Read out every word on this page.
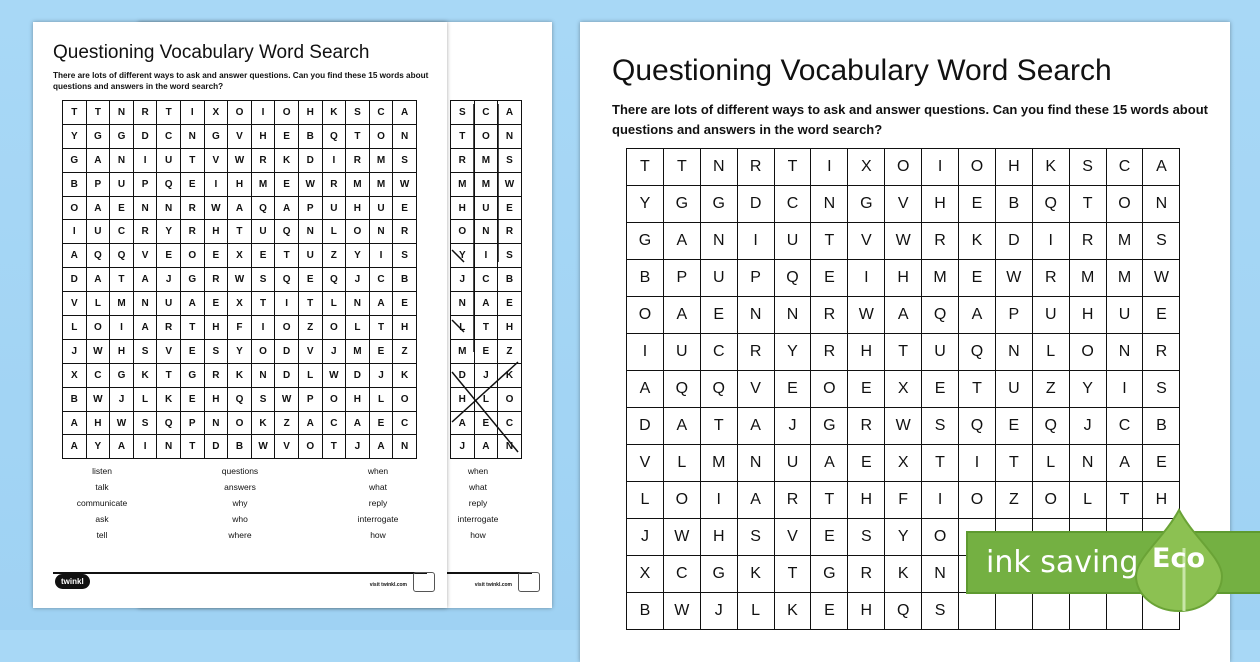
S	C	A
T	O	N
R	M	S
M	M	W
H	U	E
O	N	R
Y	I	S
J	C	B
N	A	E
L	T	H
M	E	Z
D	J	K
H	L	O
A	E	C
J	A	N
when
what
reply
interrogate
how
visit twinkl.com
Questioning Vocabulary Word Search
There are lots of different ways to ask and answer questions. Can you find these 15 words about questions and answers in the word search?
T	T	N	R	T	I	X	O	I	O	H	K	S	C	A
Y	G	G	D	C	N	G	V	H	E	B	Q	T	O	N
G	A	N	I	U	T	V	W	R	K	D	I	R	M	S
B	P	U	P	Q	E	I	H	M	E	W	R	M	M	W
O	A	E	N	N	R	W	A	Q	A	P	U	H	U	E
I	U	C	R	Y	R	H	T	U	Q	N	L	O	N	R
A	Q	Q	V	E	O	E	X	E	T	U	Z	Y	I	S
D	A	T	A	J	G	R	W	S	Q	E	Q	J	C	B
V	L	M	N	U	A	E	X	T	I	T	L	N	A	E
L	O	I	A	R	T	H	F	I	O	Z	O	L	T	H
J	W	H	S	V	E	S	Y	O	D	V	J	M	E	Z
X	C	G	K	T	G	R	K	N	D	L	W	D	J	K
B	W	J	L	K	E	H	Q	S	W	P	O	H	L	O
A	H	W	S	Q	P	N	O	K	Z	A	C	A	E	C
A	Y	A	I	N	T	D	B	W	V	O	T	J	A	N
listen	questions	when
talk	answers	what
communicate	why	reply
ask	who	interrogate
tell	where	how
twinkl	visit twinkl.com
Questioning Vocabulary Word Search
There are lots of different ways to ask and answer questions. Can you find these 15 words about questions and answers in the word search?
T	T	N	R	T	I	X	O	I	O	H	K	S	C	A
Y	G	G	D	C	N	G	V	H	E	B	Q	T	O	N
G	A	N	I	U	T	V	W	R	K	D	I	R	M	S
B	P	U	P	Q	E	I	H	M	E	W	R	M	M	W
O	A	E	N	N	R	W	A	Q	A	P	U	H	U	E
I	U	C	R	Y	R	H	T	U	Q	N	L	O	N	R
A	Q	Q	V	E	O	E	X	E	T	U	Z	Y	I	S
D	A	T	A	J	G	R	W	S	Q	E	Q	J	C	B
V	L	M	N	U	A	E	X	T	I	T	L	N	A	E
L	O	I	A	R	T	H	F	I	O	Z	O	L	T	H
J	W	H	S	V	E	S	Y	O						
X	C	G	K	T	G	R	K	N						
B	W	J	L	K	E	H	Q	S						
ink saving Eco
